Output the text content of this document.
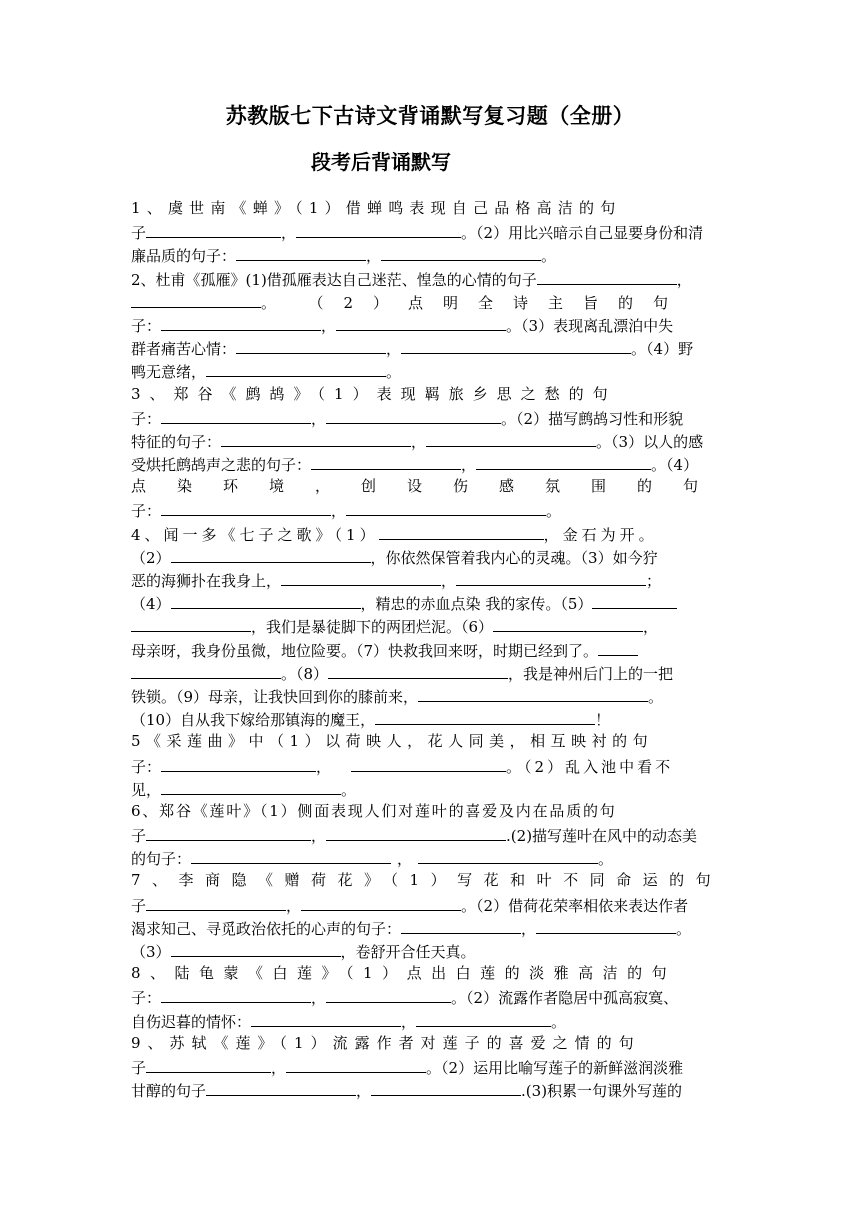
苏教版七下古诗文背诵默写复习题（全册）
段考后背诵默写
1、虞世南《蝉》（1）借蝉鸣表现自己品格高洁的句
子	，	。（2）用比兴暗示自己显要身份和清
廉品质的句子：	，	。
2、杜甫《孤雁》(1)借孤雁表达自己迷茫、惶急的心情的句子	，
。	（2）点明全诗主旨的句
子：	，	。（3）表现离乱漂泊中失
群者痛苦心情：	，	。（4）野
鸭无意绪，	。
3、郑谷《鹧鸪》（1）表现羁旅乡思之愁的句
子：	，	。（2）描写鹧鸪习性和形貌
特征的句子：	，	。（3）以人的感
受烘托鹧鸪声之悲的句子：	，	。（4）
点染环境，创设伤感氛围的句
子：	，	。
4、闻一多《七子之歌》（1）	，金石为开。
（2）	，你依然保管着我内心的灵魂。（3）如今狞
恶的海狮扑在我身上，	，	；
（4）	，精忠的赤血点染 我的家传。（5）
，我们是暴徒脚下的两团烂泥。（6）	，
母亲呀，我身份虽微，地位险要。（7）快救我回来呀，时期已经到了。
。（8）	，我是神州后门上的一把
铁锁。（9）母亲，让我快回到你的膝前来，	。
（10）自从我下嫁给那镇海的魔王，	！
5《采莲曲》中（1）以荷映人，花人同美，相互映衬的句
子：	，	。（2）乱入池中看不
见，	。
6、郑谷《莲叶》（1）侧面表现人们对莲叶的喜爱及内在品质的句
子	，	.(2)描写莲叶在风中的动态美
的句子：	，	。
7、李商隐《赠荷花》（1）写花和叶不同命运的句
子	，	。（2）借荷花荣率相依来表达作者
渴求知己、寻觅政治依托的心声的句子：	，	。
（3）	，卷舒开合任天真。
8、陆龟蒙《白莲》（1）点出白莲的淡雅高洁的句
子：	，	。（2）流露作者隐居中孤高寂寞、
自伤迟暮的情怀：	，	。
9、苏轼《莲》（1）流露作者对莲子的喜爱之情的句
子	，	。（2）运用比喻写莲子的新鲜滋润淡雅
甘醇的句子	，	.(3)积累一句课外写莲的
